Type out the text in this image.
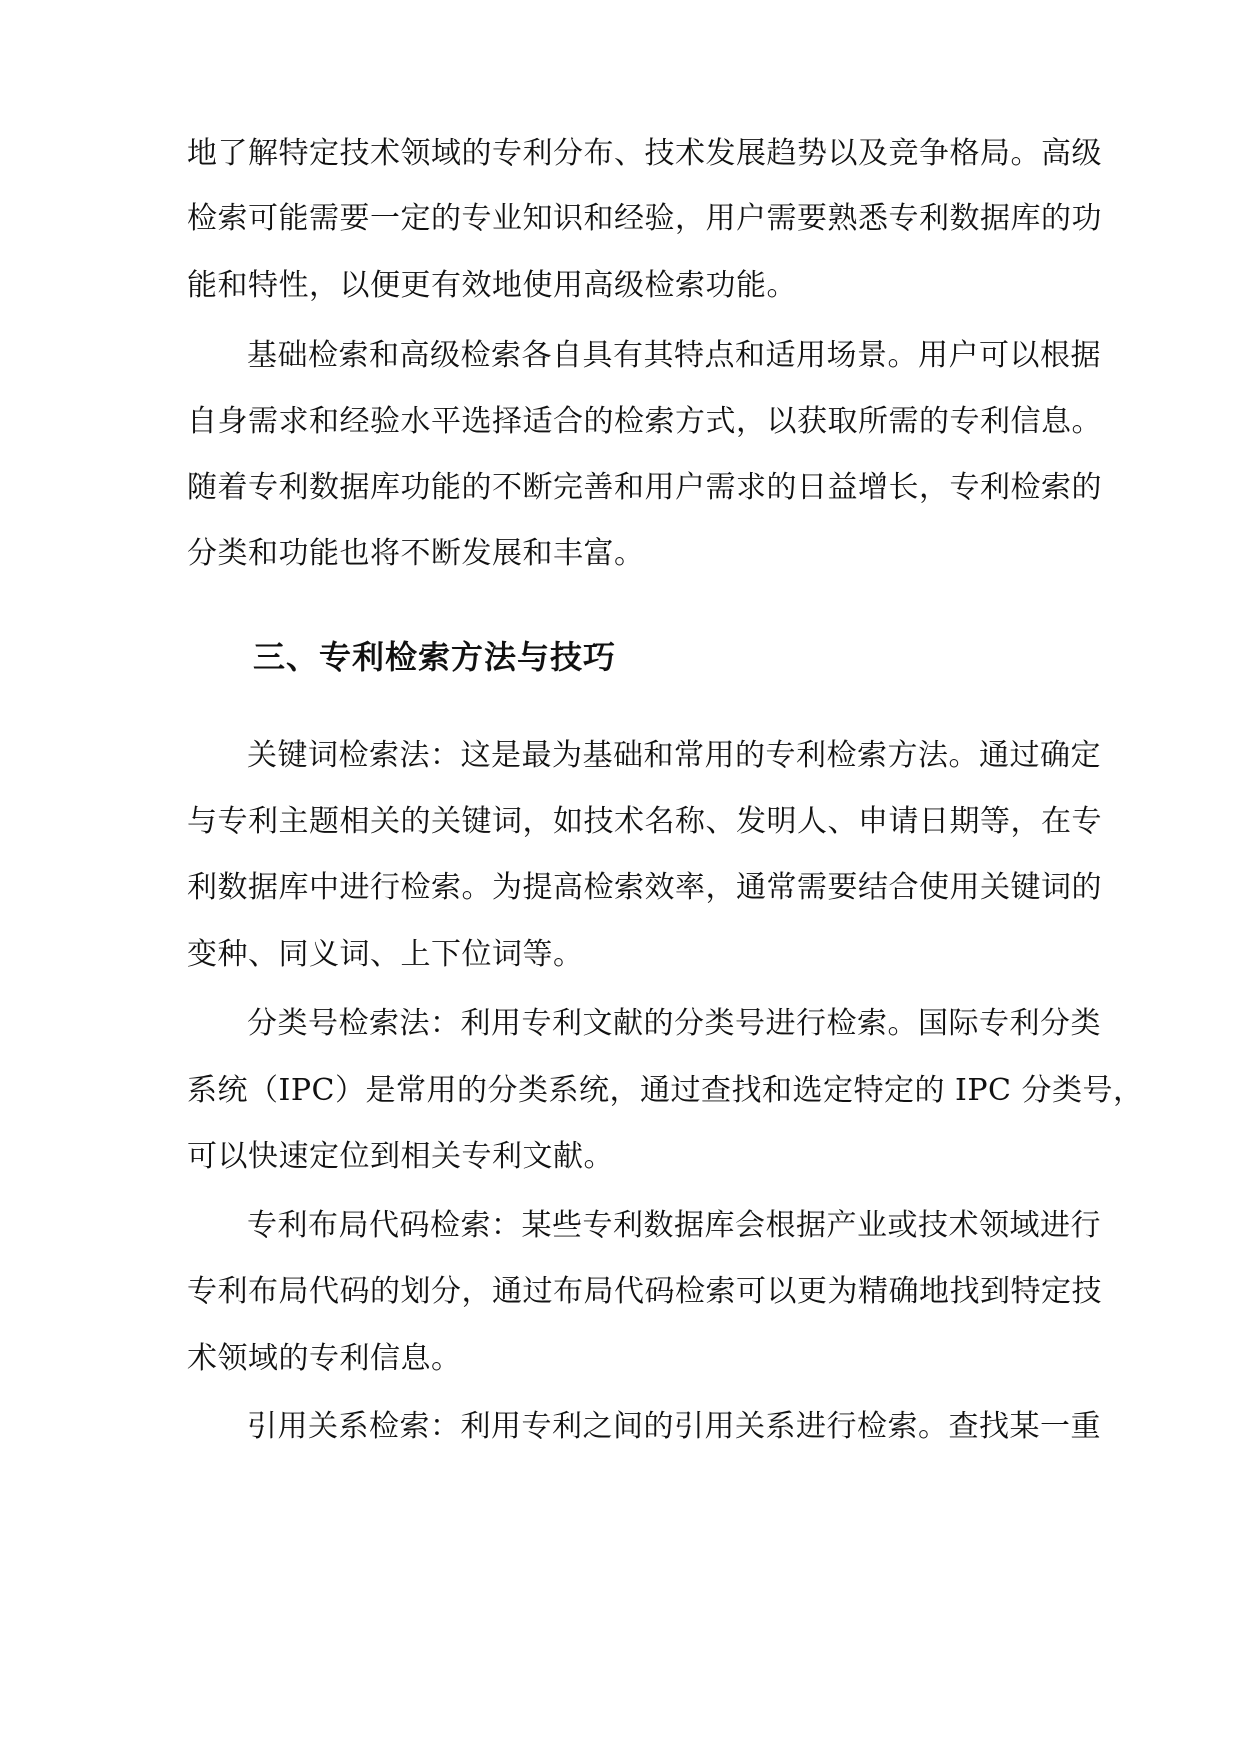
地了解特定技术领域的专利分布、技术发展趋势以及竞争格局。高级
检索可能需要一定的专业知识和经验，用户需要熟悉专利数据库的功
能和特性，以便更有效地使用高级检索功能。
基础检索和高级检索各自具有其特点和适用场景。用户可以根据
自身需求和经验水平选择适合的检索方式，以获取所需的专利信息。
随着专利数据库功能的不断完善和用户需求的日益增长，专利检索的
分类和功能也将不断发展和丰富。
三、专利检索方法与技巧
关键词检索法：这是最为基础和常用的专利检索方法。通过确定
与专利主题相关的关键词，如技术名称、发明人、申请日期等，在专
利数据库中进行检索。为提高检索效率，通常需要结合使用关键词的
变种、同义词、上下位词等。
分类号检索法：利用专利文献的分类号进行检索。国际专利分类
系统（IPC）是常用的分类系统，通过查找和选定特定的 IPC 分类号，
可以快速定位到相关专利文献。
专利布局代码检索：某些专利数据库会根据产业或技术领域进行
专利布局代码的划分，通过布局代码检索可以更为精确地找到特定技
术领域的专利信息。
引用关系检索：利用专利之间的引用关系进行检索。查找某一重
